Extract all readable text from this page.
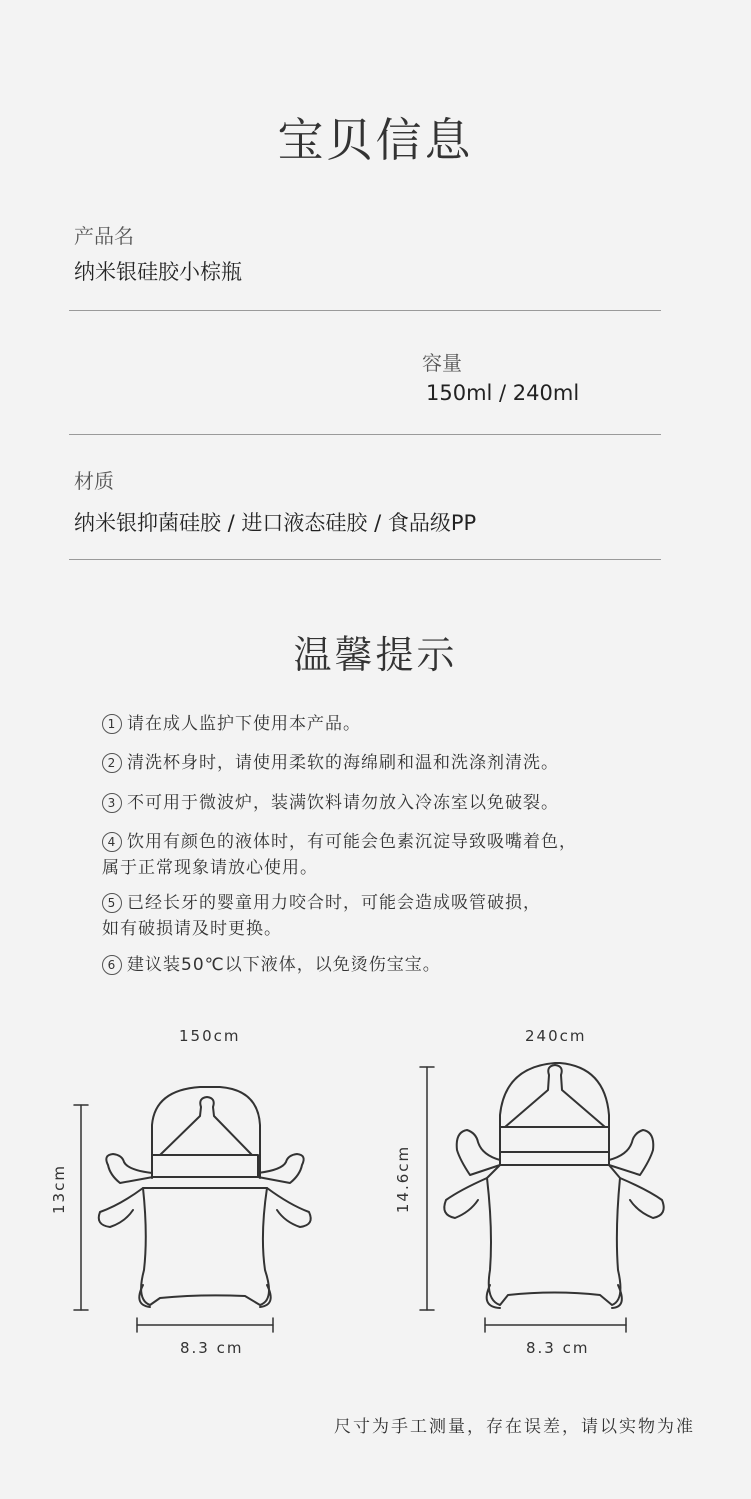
宝贝信息
产品名
纳米银硅胶小棕瓶
容量
150ml / 240ml
材质
纳米银抑菌硅胶 / 进口液态硅胶 / 食品级PP
温馨提示
1 请在成人监护下使用本产品。
2 清洗杯身时，请使用柔软的海绵刷和温和洗涤剂清洗。
3 不可用于微波炉，装满饮料请勿放入冷冻室以免破裂。
4 饮用有颜色的液体时，有可能会色素沉淀导致吸嘴着色，
属于正常现象请放心使用。
5 已经长牙的婴童用力咬合时，可能会造成吸管破损，
如有破损请及时更换。
6 建议装50℃以下液体，以免烫伤宝宝。
150cm	240cm
13cm	14.6cm
8.3 cm	8.3 cm
尺寸为手工测量，存在误差，请以实物为准
